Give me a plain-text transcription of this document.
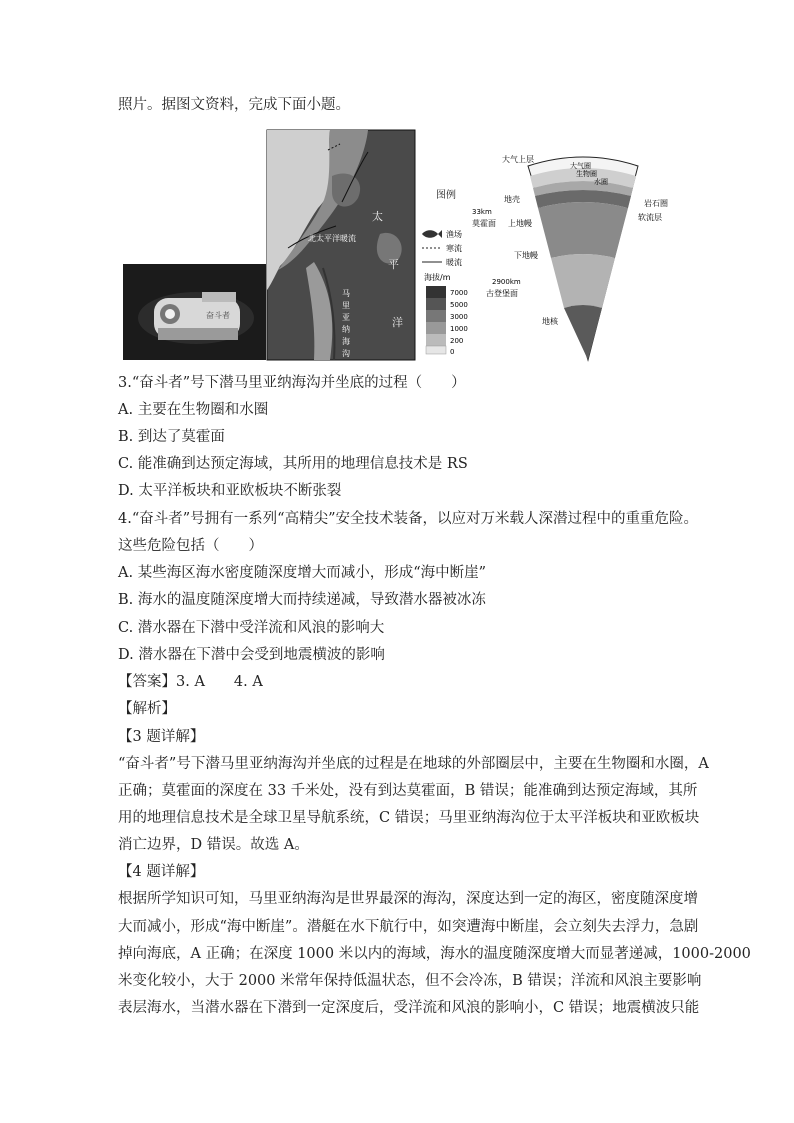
照片。据图文资料，完成下面小题。
奋斗者
太
平
洋
北太平洋暖流
马
里
亚
纳
海
沟
图例
渔场
寒流
暖流
海拔/m
7000
5000
3000
1000
200
0
大气上层
大气圈
生物圈
水圈
地壳	岩石圈
软流层
33km
莫霍面 上地幔
下地幔
2900km
古登堡面
地核
3.“奋斗者”号下潜马里亚纳海沟并坐底的过程（　　）
A. 主要在生物圈和水圈
B. 到达了莫霍面
C. 能准确到达预定海域，其所用的地理信息技术是 RS
D. 太平洋板块和亚欧板块不断张裂
4.“奋斗者”号拥有一系列“高精尖”安全技术装备，以应对万米载人深潜过程中的重重危险。
这些危险包括（　　）
A. 某些海区海水密度随深度增大而减小，形成“海中断崖”
B. 海水的温度随深度增大而持续递减，导致潜水器被冰冻
C. 潜水器在下潜中受洋流和风浪的影响大
D. 潜水器在下潜中会受到地震横波的影响
【答案】3. A　　4. A
【解析】
【3 题详解】
“奋斗者”号下潜马里亚纳海沟并坐底的过程是在地球的外部圈层中，主要在生物圈和水圈，A
正确；莫霍面的深度在 33 千米处，没有到达莫霍面，B 错误；能准确到达预定海域，其所
用的地理信息技术是全球卫星导航系统，C 错误；马里亚纳海沟位于太平洋板块和亚欧板块
消亡边界，D 错误。故选 A。
【4 题详解】
根据所学知识可知，马里亚纳海沟是世界最深的海沟，深度达到一定的海区，密度随深度增
大而减小，形成“海中断崖”。潜艇在水下航行中，如突遭海中断崖，会立刻失去浮力，急剧
掉向海底，A 正确；在深度 1000 米以内的海域，海水的温度随深度增大而显著递减，1000-2000
米变化较小，大于 2000 米常年保持低温状态，但不会冷冻，B 错误；洋流和风浪主要影响
表层海水，当潜水器在下潜到一定深度后，受洋流和风浪的影响小，C 错误；地震横波只能
